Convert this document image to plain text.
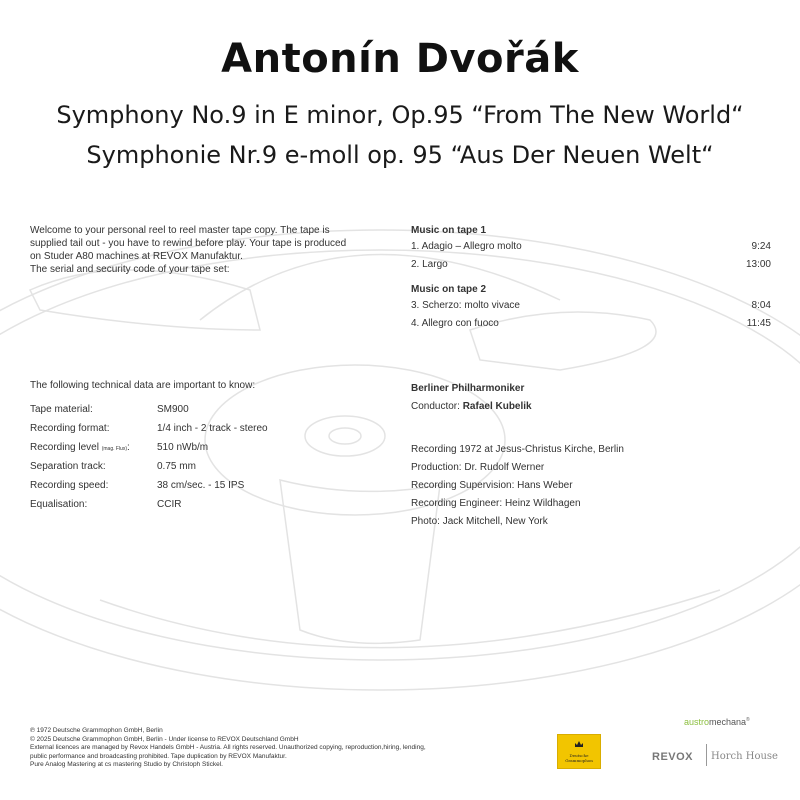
Antonín Dvořák
Symphony No.9 in E minor, Op.95 “From The New World“
Symphonie Nr.9 e-moll op. 95 “Aus Der Neuen Welt“
Welcome to your personal reel to reel master tape copy. The tape is
supplied tail out - you have to rewind before play. Your tape is produced
on Studer A80 machines at REVOX Manufaktur.
The serial and security code of your tape set:
Music on tape 1
1. Adagio – Allegro molto	9:24
2. Largo	13:00
Music on tape 2
3. Scherzo: molto vivace	8:04
4. Allegro con fuoco	11:45
The following technical data are important to know:
Tape material:	SM900
Recording format:	1/4 inch - 2 track - stereo
Recording level (mag. Flux):	510 nWb/m
Separation track:	0.75 mm
Recording speed:	38 cm/sec. - 15 IPS
Equalisation:	CCIR
Berliner Philharmoniker
Conductor: Rafael Kubelik
Recording 1972 at Jesus-Christus Kirche, Berlin
Production: Dr. Rudolf Werner
Recording Supervision: Hans Weber
Recording Engineer: Heinz Wildhagen
Photo: Jack Mitchell, New York
℗ 1972 Deutsche Grammophon GmbH, Berlin
© 2025 Deutsche Grammophon GmbH, Berlin - Under license to REVOX Deutschland GmbH
External licences are managed by Revox Handels GmbH - Austria. All rights reserved. Unauthorized copying, reproduction,hiring, lending,
public performance and broadcasting prohibited. Tape duplication by REVOX Manufaktur.
Pure Analog Mastering at cs mastering Studio by Christoph Stickel.
Deutsche
Grammophon
austromechana®
REVOX Horch House
